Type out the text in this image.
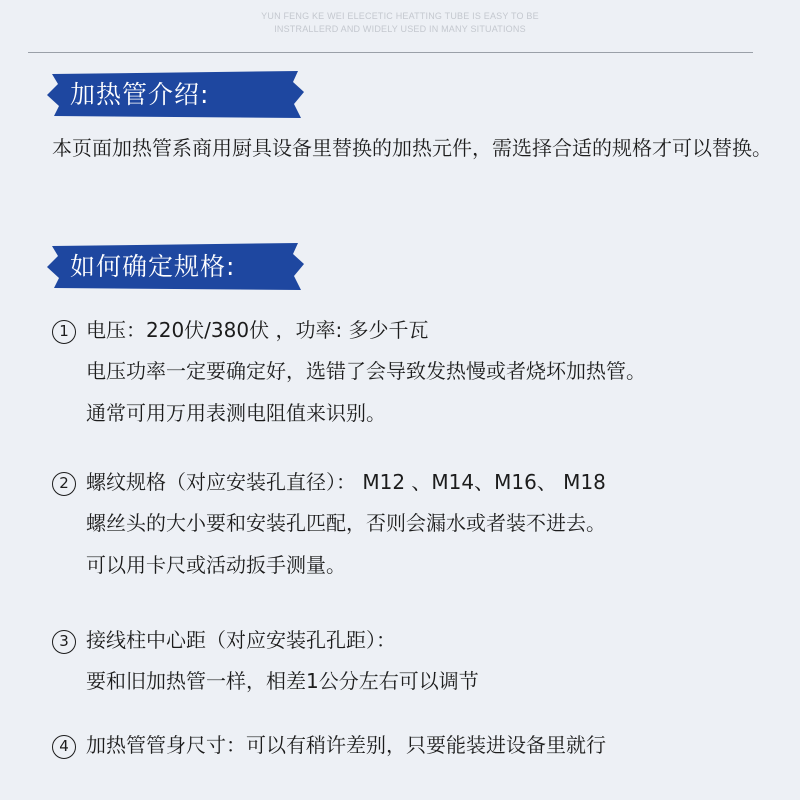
YUN FENG KE WEI ELECETIC HEATTING TUBE IS EASY TO BE
INSTRALLERD AND WIDELY USED IN MANY SITUATIONS
加热管介绍:

本页面加热管系商用厨具设备里替换的加热元件，需选择合适的规格才可以替换。

如何确定规格:
1 电压：220伏/380伏 ，功率: 多少千瓦
电压功率一定要确定好，选错了会导致发热慢或者烧坏加热管。
通常可用万用表测电阻值来识别。
2 螺纹规格（对应安装孔直径）： M12 、M14、M16、 M18
螺丝头的大小要和安装孔匹配，否则会漏水或者装不进去。
可以用卡尺或活动扳手测量。
3 接线柱中心距（对应安装孔孔距）：
要和旧加热管一样，相差1公分左右可以调节
4 加热管管身尺寸：可以有稍许差别，只要能装进设备里就行
